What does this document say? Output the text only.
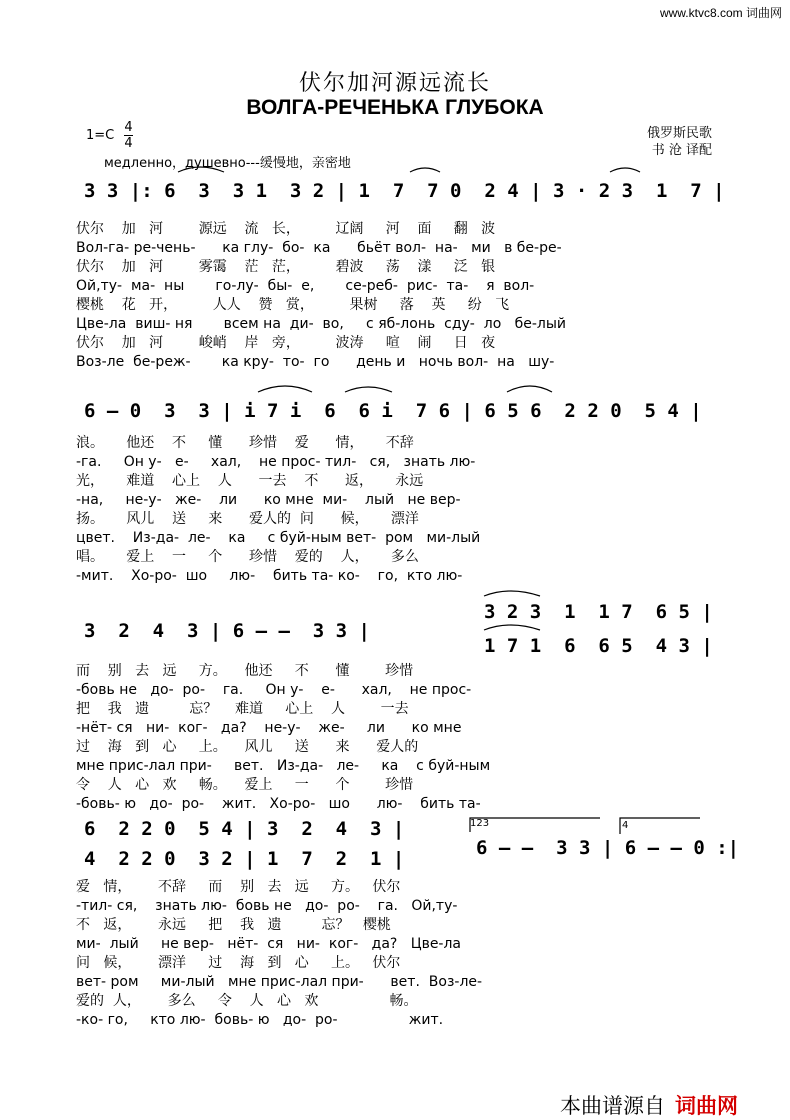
www.ktvc8.com 词曲网
伏尔加河源远流长
ВОЛГА-РЕЧЕНЬКА ГЛУБОКА
1=C
4
4
медленно，душевно---缓慢地，亲密地
俄罗斯民歌
书 沧 译配
3 3 |: 6  3  3 1  3 2 | 1  7  7 0  2 4 | 3 · 2 3  1  7 |
伏尔    加   河        源远    流   长，        辽阔     河    面     翻   波
Вол-га- ре-чень-      ка глу-  бо-  ка      бьёт вол-  на-   ми   в бе-ре-
伏尔    加   河        雾霭    茫   茫，        碧波     荡    漾     泛   银
Ой,ту-  ма-  ны       го-лу-  бы-  е,       се-реб-  рис-  та-    я  вол-
樱桃    花   开，        人人    赞   赏，        果树     落    英     纷   飞
Цве-ла  виш- ня       всем на  ди-  во,     с яб-лонь  сду-  ло   бе-лый
伏尔    加   河        峻峭    岸   旁，        波涛     喧    闹     日   夜
Воз-ле  бе-реж-       ка кру-  то-  го      день и   ночь вол-  на   шу-
6 – 0  3  3 | i 7 i  6  6 i  7 6 | 6 5 6  2 2 0  5 4 |
浪。     他还    不     懂      珍惜    爱      情，     不辞
-га.     Он у-   е-     хал,    не прос- тил-   ся,   знать лю-
光，     难道    心上    人      一去    不      返，     永远
-на,     не-у-   же-    ли      ко мне  ми-    лый   не вер-
扬。     风儿    送     来      爱人的  问      候，     漂洋
цвет.    Из-да-  ле-    ка     с буй-ным вет-  ром   ми-лый
唱。     爱上    一     个      珍惜    爱的    人，     多么
-мит.    Хо-ро-  шо     лю-    бить та- ко-    го,  кто лю-
3 2 3  1  1 7  6 5 |
3  2  4  3 | 6 – –  3 3 |
1 7 1  6  6 5  4 3 |
而    别   去   远     方。    他还     不      懂        珍惜
-бовь не   до-  ро-    га.     Он у-    е-      хал,    не прос-
把    我   遗         忘？    难道     心上    人        一去
-нёт- ся   ни-  ког-   да?    не-у-    же-     ли      ко мне
过    海   到   心     上。    风儿     送      来      爱人的
мне прис-лал при-     вет.   Из-да-   ле-     ка    с буй-ным
令    人   心   欢     畅。    爱上     一      个        珍惜
-бовь- ю   до-  ро-    жит.   Хо-ро-   шо      лю-    бить та-
6  2 2 0  5 4 | 3  2  4  3 |
6 – –  3 3 | 6 – – 0 :|
4  2 2 0  3 2 | 1  7  2  1 |
123	4
爱   情，      不辞     而    别   去   远     方。   伏尔
-тил- ся,    знать лю-  бовь не   до-  ро-    га.   Ой,ту-
不   返，      永远     把    我   遗         忘？   樱桃
ми-  лый     не вер-   нёт-  ся   ни-  ког-   да?   Цве-ла
问   候，      漂洋     过    海   到   心     上。   伏尔
вет- ром     ми-лый   мне прис-лал при-      вет.  Воз-ле-
爱的  人，      多么     令    人   心   欢                畅。
-ко- го,     кто лю-  бовь- ю   до-  ро-                жит.
本曲谱源自 词曲网
